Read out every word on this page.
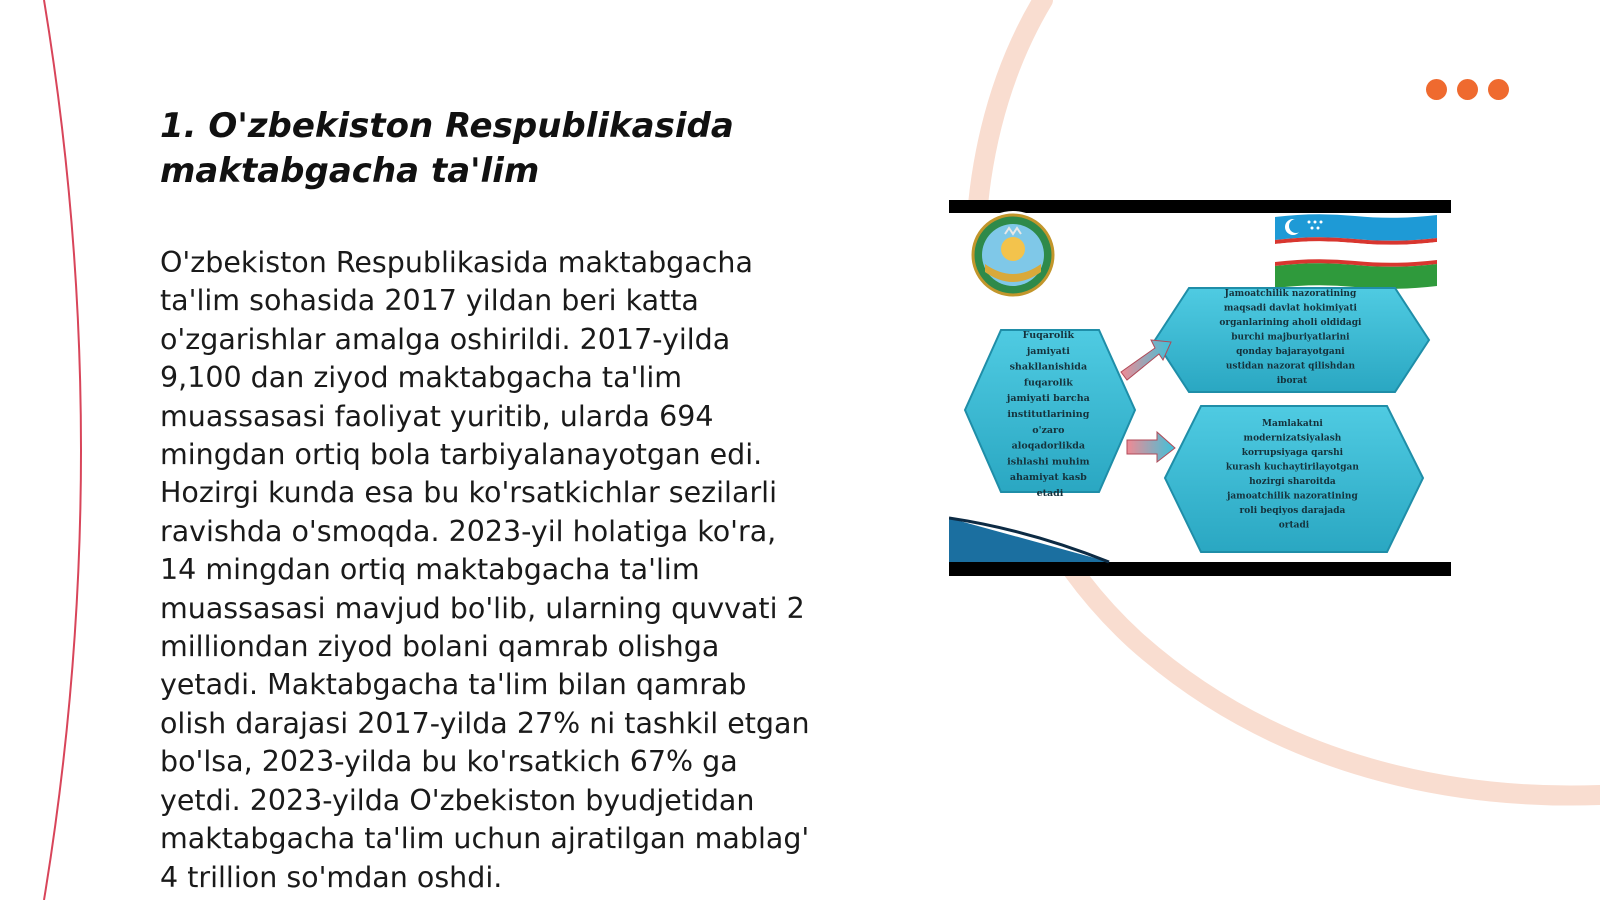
1. O'zbekiston Respublikasida
maktabgacha ta'lim
O'zbekiston Respublikasida maktabgacha
ta'lim sohasida 2017 yildan beri katta
o'zgarishlar amalga oshirildi. 2017-yilda
9,100 dan ziyod maktabgacha ta'lim
muassasasi faoliyat yuritib, ularda 694
mingdan ortiq bola tarbiyalanayotgan edi.
Hozirgi kunda esa bu ko'rsatkichlar sezilarli
ravishda o'smoqda. 2023-yil holatiga ko'ra,
14 mingdan ortiq maktabgacha ta'lim
muassasasi mavjud bo'lib, ularning quvvati 2
milliondan ziyod bolani qamrab olishga
yetadi. Maktabgacha ta'lim bilan qamrab
olish darajasi 2017-yilda 27% ni tashkil etgan
bo'lsa, 2023-yilda bu ko'rsatkich 67% ga
yetdi. 2023-yilda O'zbekiston byudjetidan
maktabgacha ta'lim uchun ajratilgan mablag'
4 trillion so'mdan oshdi.
Fuqarolik jamiyati shakllanishida fuqarolik jamiyati barcha institutlarining o'zaro aloqadorlikda ishlashi muhim ahamiyat kasb etadi
Jamoatchilik nazoratining maqsadi davlat hokimiyati organlarining aholi oldidagi burchi majburiyatlarini qonday bajarayotgani ustidan nazorat qilishdan iborat
Mamlakatni modernizatsiyalash korrupsiyaga qarshi kurash kuchaytirilayotgan hozirgi sharoitda jamoatchilik nazoratining roli beqiyos darajada ortadi
